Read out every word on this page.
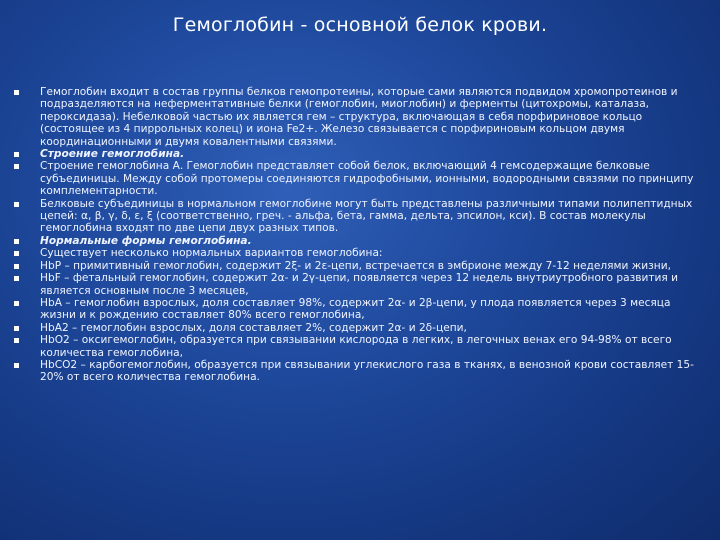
Гемоглобин - основной белок крови.
Гемоглобин входит в состав группы белков гемопротеины, которые сами являются подвидом хромопротеинов и подразделяются на неферментативные белки (гемоглобин, миоглобин) и ферменты (цитохромы, каталаза, пероксидаза). Небелковой частью их является гем – структура, включающая в себя порфириновое кольцо (состоящее из 4 пиррольных колец) и иона Fe2+. Железо связывается с порфириновым кольцом двумя координационными и двумя ковалентными связями.
Строение гемоглобина.
Строение гемоглобина А. Гемоглобин представляет собой белок, включающий 4 гемсодержащие белковые субъединицы. Между собой протомеры соединяются гидрофобными, ионными, водородными связями по принципу комплементарности.
Белковые субъединицы в нормальном гемоглобине могут быть представлены различными типами полипептидных цепей: α, β, γ, δ, ε, ξ (соответственно, греч. - альфа, бета, гамма, дельта, эпсилон, кси). В состав молекулы гемоглобина входят по две цепи двух разных типов.
Нормальные формы гемоглобина.
Существует несколько нормальных вариантов гемоглобина:
HbР – примитивный гемоглобин, содержит 2ξ- и 2ε-цепи, встречается в эмбрионе между 7-12 неделями жизни,
HbF – фетальный гемоглобин, содержит 2α- и 2γ-цепи, появляется через 12 недель внутриутробного развития и является основным после 3 месяцев,
HbA – гемоглобин взрослых, доля составляет 98%, содержит 2α- и 2β-цепи, у плода появляется через 3 месяца жизни и к рождению составляет 80% всего гемоглобина,
HbA2 – гемоглобин взрослых, доля составляет 2%, содержит 2α- и 2δ-цепи,
HbO2 – оксигемоглобин, образуется при связывании кислорода в легких, в легочных венах его 94-98% от всего количества гемоглобина,
HbCO2 – карбогемоглобин, образуется при связывании углекислого газа в тканях, в венозной крови составляет 15-20% от всего количества гемоглобина.
